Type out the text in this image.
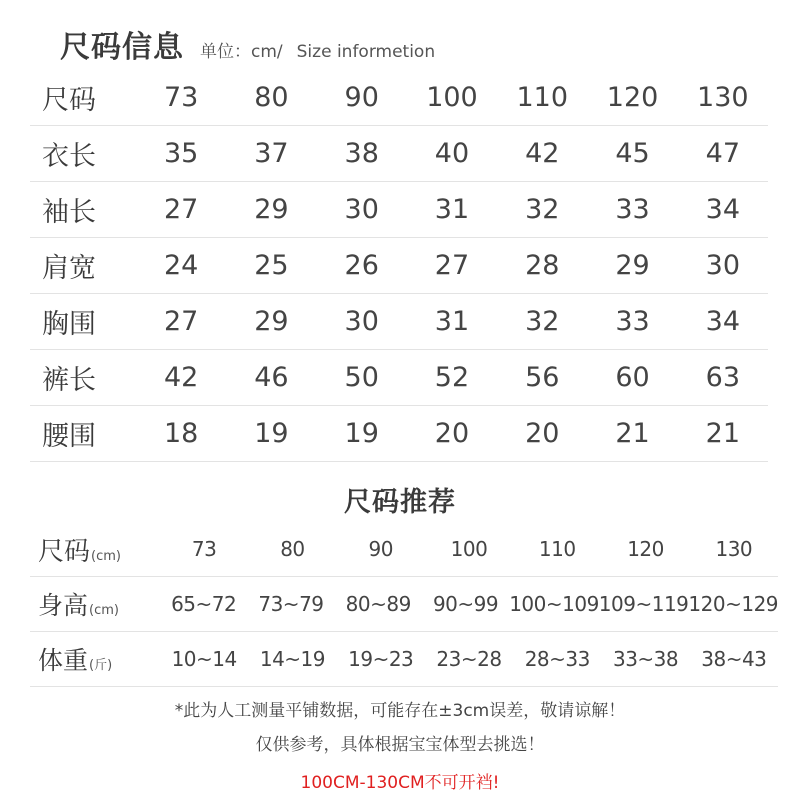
尺码信息 单位：cm/ Size informetion
尺码	73	80	90	100	110	120	130
衣长	35	37	38	40	42	45	47
袖长	27	29	30	31	32	33	34
肩宽	24	25	26	27	28	29	30
胸围	27	29	30	31	32	33	34
裤长	42	46	50	52	56	60	63
腰围	18	19	19	20	20	21	21
尺码推荐
尺码 (cm)	73	80	90	100	110	120	130
身高 (cm)	65~72	73~79	80~89	90~99 100~109 109~119 120~129
体重 (斤)	10~14	14~19	19~23	23~28	28~33	33~38	38~43
*此为人工测量平铺数据，可能存在±3cm误差，敬请谅解！
仅供参考，具体根据宝宝体型去挑选！
100CM-130CM不可开裆!
